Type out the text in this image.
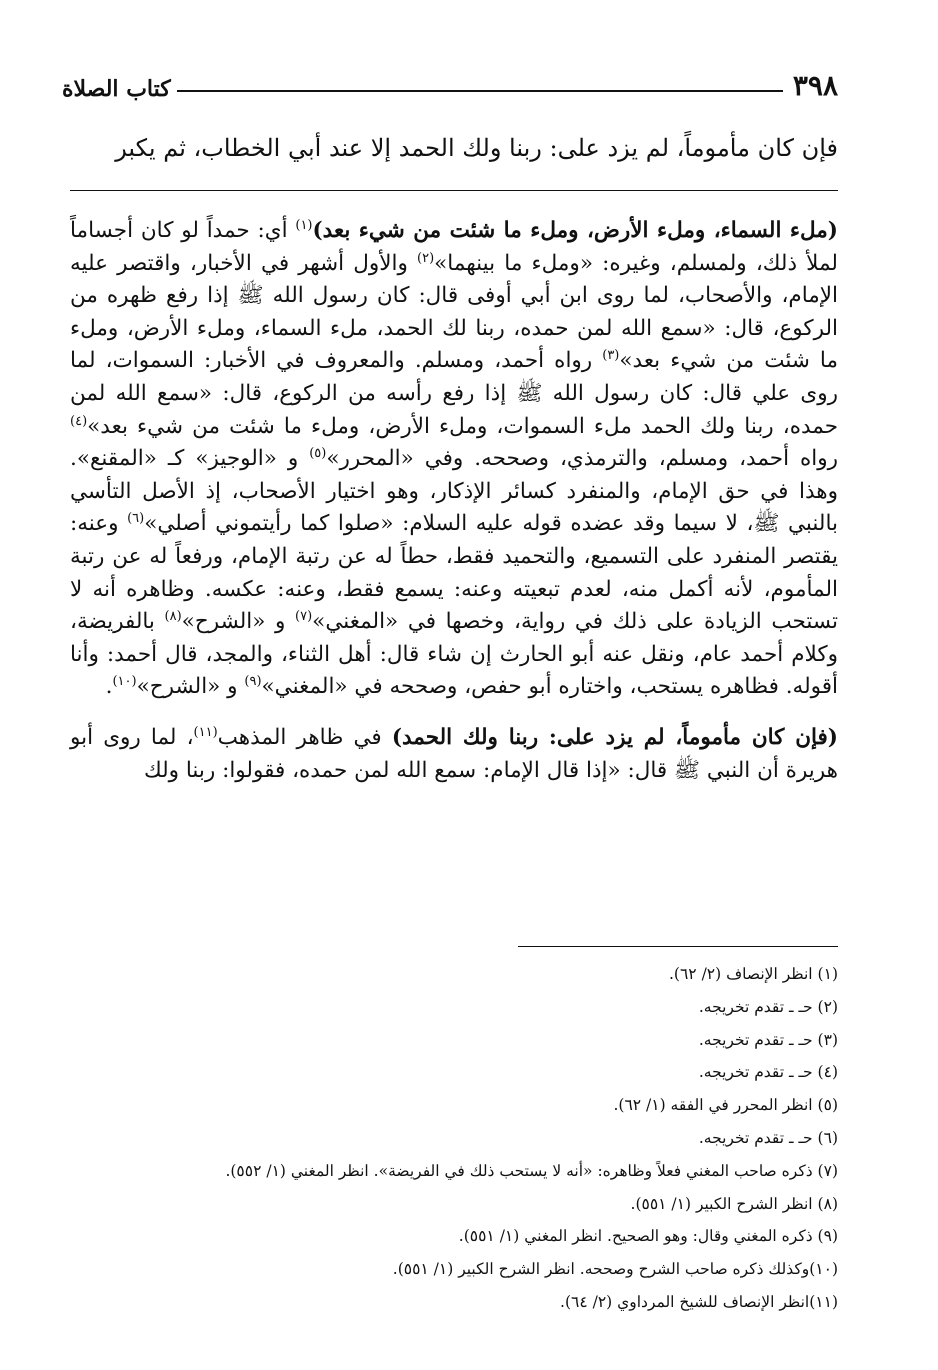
٣٩٨
كتاب الصلاة
فإن كان مأموماً، لم يزد على: ربنا ولك الحمد إلا عند أبي الخطاب، ثم يكبر

(ملء السماء، وملء الأرض، وملء ما شئت من شيء بعد)$^{(١)}$ أي: حمداً لو كان أجساماً لملأ ذلك، ولمسلم، وغيره: «وملء ما بينهما»$^{(٢)}$ والأول أشهر في الأخبار، واقتصر عليه الإمام، والأصحاب، لما روى ابن أبي أوفى قال: كان رسول الله ﷺ إذا رفع ظهره من الركوع، قال: «سمع الله لمن حمده، ربنا لك الحمد، ملء السماء، وملء الأرض، وملء ما شئت من شيء بعد»$^{(٣)}$ رواه أحمد، ومسلم. والمعروف في الأخبار: السموات، لما روى علي قال: كان رسول الله ﷺ إذا رفع رأسه من الركوع، قال: «سمع الله لمن حمده، ربنا ولك الحمد ملء السموات، وملء الأرض، وملء ما شئت من شيء بعد»$^{(٤)}$ رواه أحمد، ومسلم، والترمذي، وصححه. وفي «المحرر»$^{(٥)}$ و «الوجيز» كـ «المقنع». وهذا في حق الإمام، والمنفرد كسائر الإذكار، وهو اختيار الأصحاب، إذ الأصل التأسي بالنبي ﷺ، لا سيما وقد عضده قوله عليه السلام: «صلوا كما رأيتموني أصلي»$^{(٦)}$ وعنه: يقتصر المنفرد على التسميع، والتحميد فقط، حطاً له عن رتبة الإمام، ورفعاً له عن رتبة المأموم، لأنه أكمل منه، لعدم تبعيته وعنه: يسمع فقط، وعنه: عكسه. وظاهره أنه لا تستحب الزيادة على ذلك في رواية، وخصها في «المغني»$^{(٧)}$ و «الشرح»$^{(٨)}$ بالفريضة، وكلام أحمد عام، ونقل عنه أبو الحارث إن شاء قال: أهل الثناء، والمجد، قال أحمد: وأنا أقوله. فظاهره يستحب، واختاره أبو حفص، وصححه في «المغني»$^{(٩)}$ و «الشرح»$^{(١٠)}$.

(فإن كان مأموماً، لم يزد على: ربنا ولك الحمد) في ظاهر المذهب$^{(١١)}$، لما روى أبو هريرة أن النبي ﷺ قال: «إذا قال الإمام: سمع الله لمن حمده، فقولوا: ربنا ولك

(١) انظر الإنصاف (٢/ ٦٢).
(٢) حـ ـ تقدم تخريجه.
(٣) حـ ـ تقدم تخريجه.
(٤) حـ ـ تقدم تخريجه.
(٥) انظر المحرر في الفقه (١/ ٦٢).
(٦) حـ ـ تقدم تخريجه.
(٧) ذكره صاحب المغني فعلاً وظاهره: «أنه لا يستحب ذلك في الفريضة». انظر المغني (١/ ٥٥٢).
(٨) انظر الشرح الكبير (١/ ٥٥١).
(٩) ذكره المغني وقال: وهو الصحيح. انظر المغني (١/ ٥٥١).
(١٠)وكذلك ذكره صاحب الشرح وصححه. انظر الشرح الكبير (١/ ٥٥١).
(١١)انظر الإنصاف للشيخ المرداوي (٢/ ٦٤).
